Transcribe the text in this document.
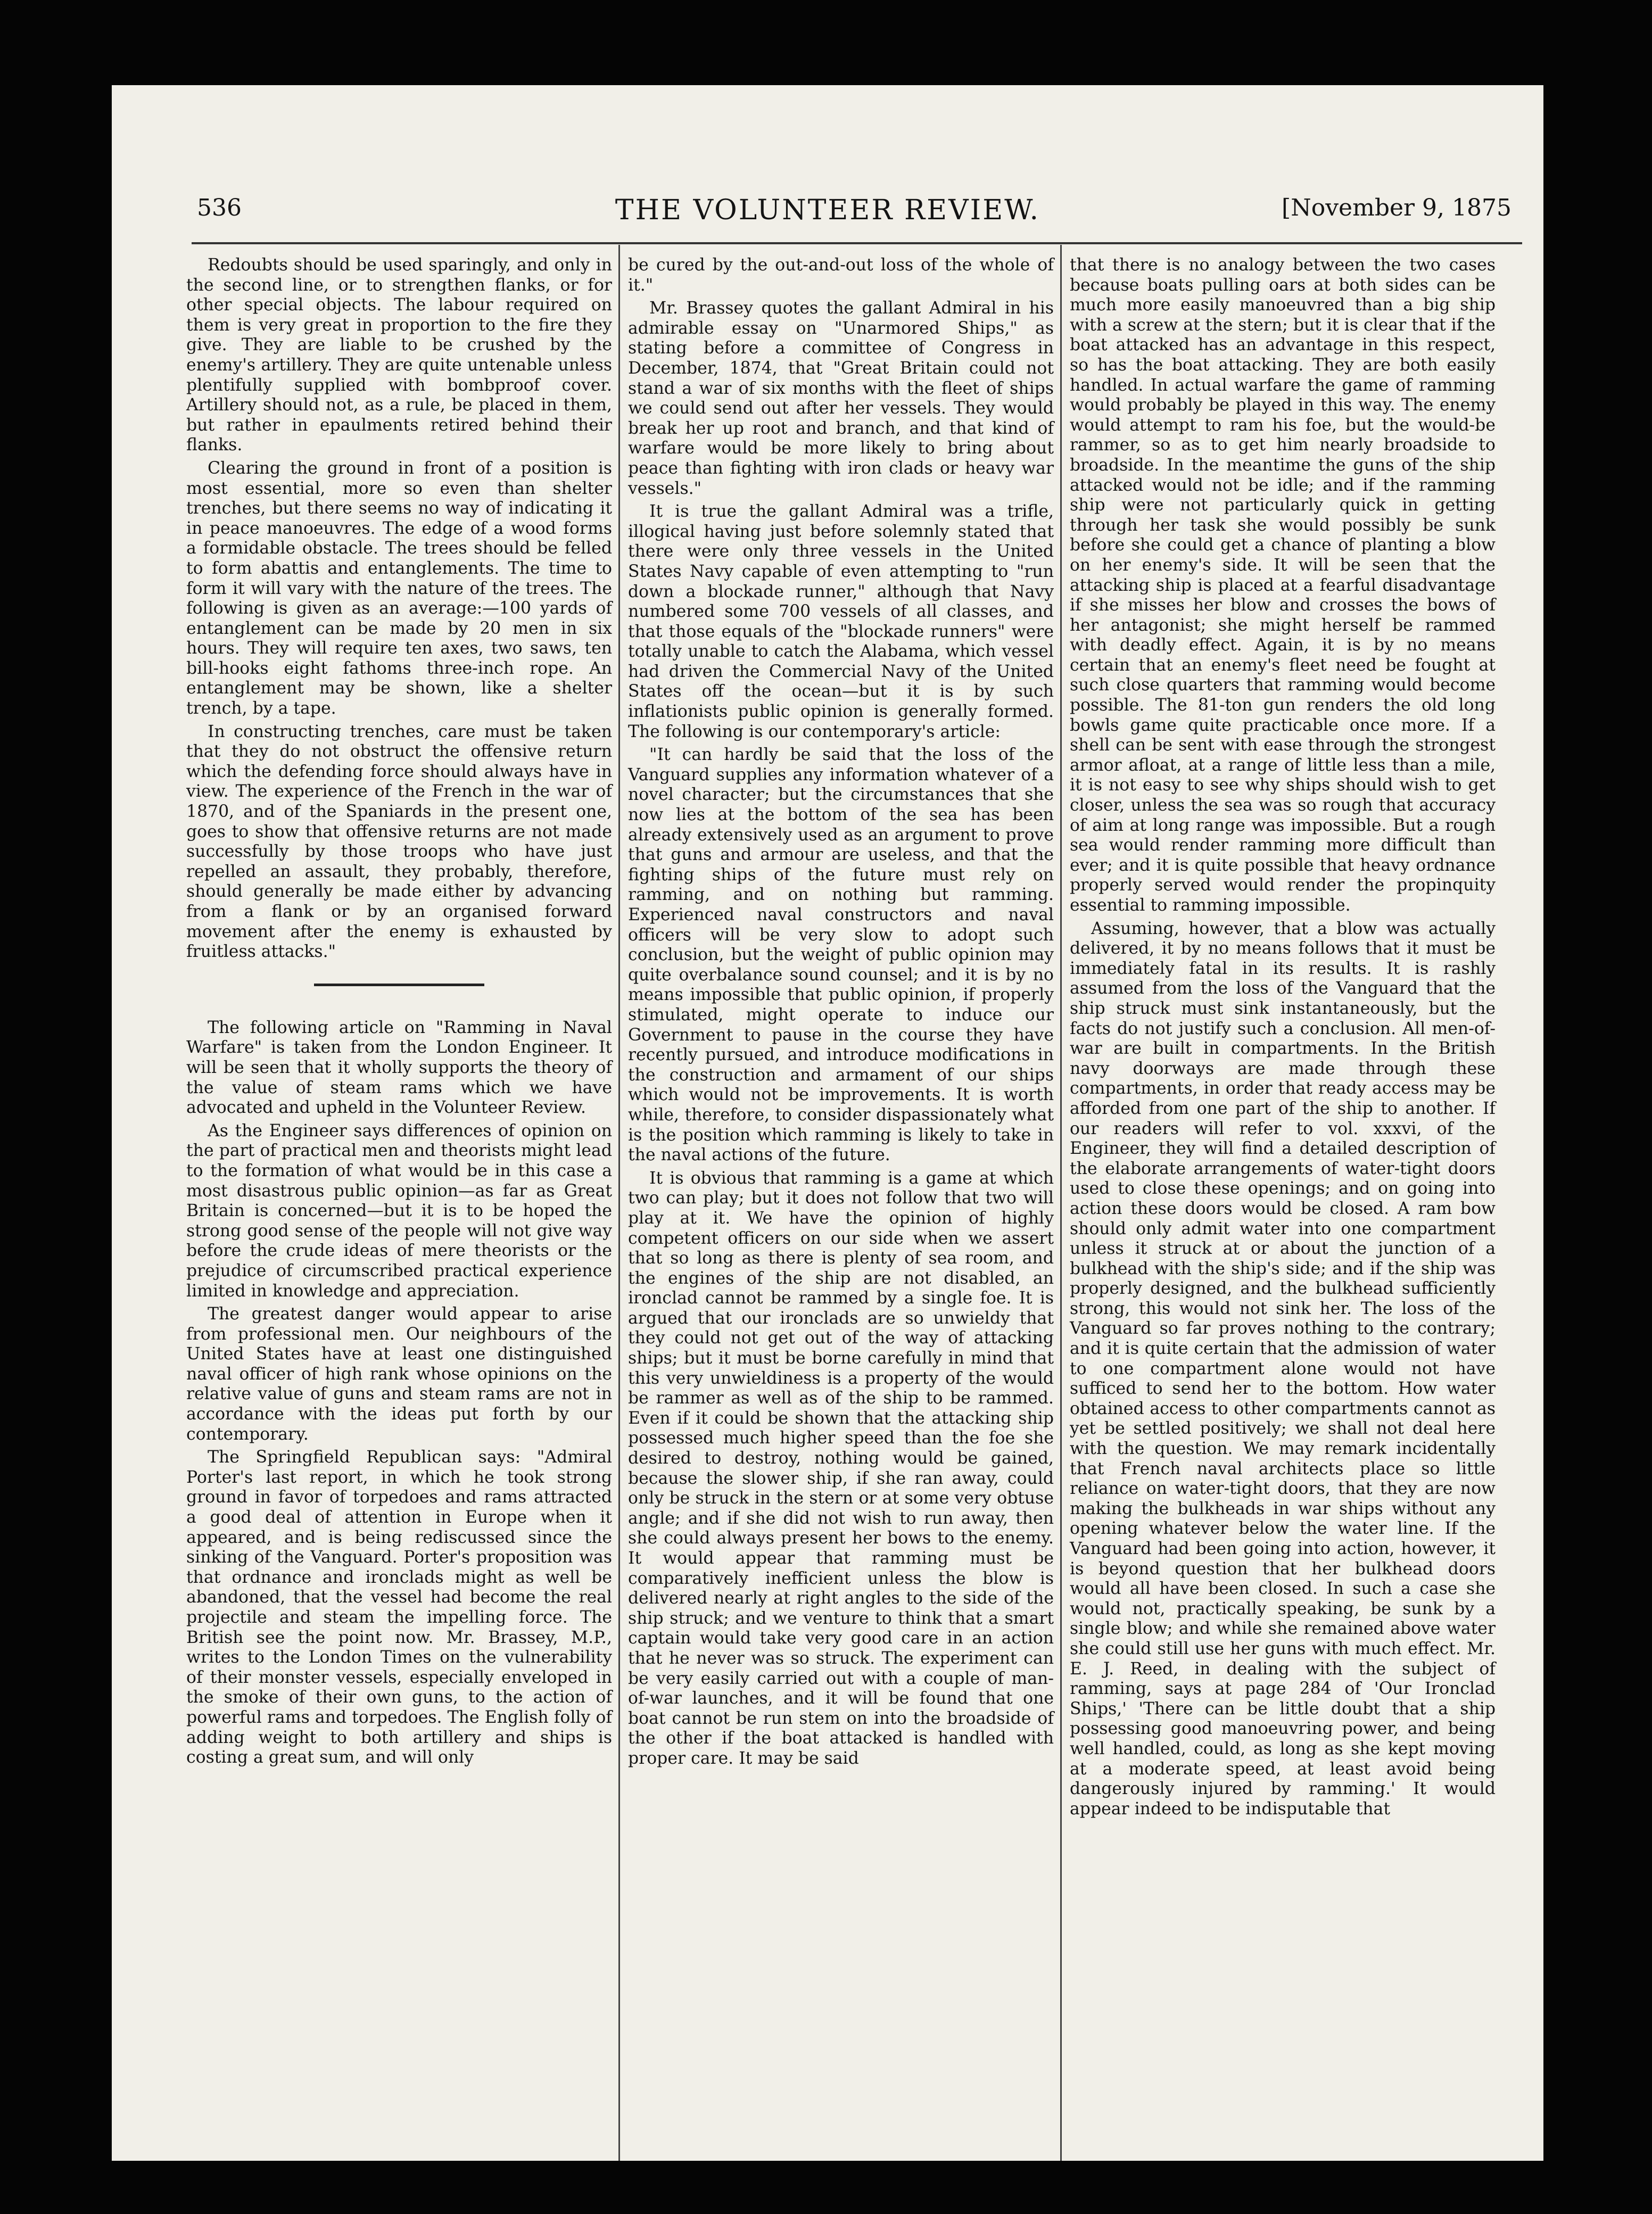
536	THE VOLUNTEER REVIEW.	[November 9, 1875

Redoubts should be used sparingly, and only in the second line, or to strengthen flanks, or for other special objects. The labour required on them is very great in proportion to the fire they give. They are liable to be crushed by the enemy's artillery. They are quite untenable unless plentifully supplied with bombproof cover. Artillery should not, as a rule, be placed in them, but rather in epaulments retired behind their flanks.

Clearing the ground in front of a position is most essential, more so even than shelter trenches, but there seems no way of indicating it in peace manoeuvres. The edge of a wood forms a formidable obstacle. The trees should be felled to form abattis and entanglements. The time to form it will vary with the nature of the trees. The following is given as an average:—100 yards of entanglement can be made by 20 men in six hours. They will require ten axes, two saws, ten bill-hooks eight fathoms three-inch rope. An entanglement may be shown, like a shelter trench, by a tape.

In constructing trenches, care must be taken that they do not obstruct the offensive return which the defending force should always have in view. The experience of the French in the war of 1870, and of the Spaniards in the present one, goes to show that offensive returns are not made successfully by those troops who have just repelled an assault, they probably, therefore, should generally be made either by advancing from a flank or by an organised forward movement after the enemy is exhausted by fruitless attacks."

The following article on "Ramming in Naval Warfare" is taken from the London Engineer. It will be seen that it wholly supports the theory of the value of steam rams which we have advocated and upheld in the Volunteer Review.

As the Engineer says differences of opinion on the part of practical men and theorists might lead to the formation of what would be in this case a most disastrous public opinion—as far as Great Britain is concerned—but it is to be hoped the strong good sense of the people will not give way before the crude ideas of mere theorists or the prejudice of circumscribed practical experience limited in knowledge and appreciation.

The greatest danger would appear to arise from professional men. Our neighbours of the United States have at least one distinguished naval officer of high rank whose opinions on the relative value of guns and steam rams are not in accordance with the ideas put forth by our contemporary.

The Springfield Republican says: "Admiral Porter's last report, in which he took strong ground in favor of torpedoes and rams attracted a good deal of attention in Europe when it appeared, and is being rediscussed since the sinking of the Vanguard. Porter's proposition was that ordnance and ironclads might as well be abandoned, that the vessel had become the real projectile and steam the impelling force. The British see the point now. Mr. Brassey, M.P., writes to the London Times on the vulnerability of their monster vessels, especially enveloped in the smoke of their own guns, to the action of powerful rams and torpedoes. The English folly of adding weight to both artillery and ships is costing a great sum, and will only

be cured by the out-and-out loss of the whole of it."

Mr. Brassey quotes the gallant Admiral in his admirable essay on "Unarmored Ships," as stating before a committee of Congress in December, 1874, that "Great Britain could not stand a war of six months with the fleet of ships we could send out after her vessels. They would break her up root and branch, and that kind of warfare would be more likely to bring about peace than fighting with iron clads or heavy war vessels."

It is true the gallant Admiral was a trifle, illogical having just before solemnly stated that there were only three vessels in the United States Navy capable of even attempting to "run down a blockade runner," although that Navy numbered some 700 vessels of all classes, and that those equals of the "blockade runners" were totally unable to catch the Alabama, which vessel had driven the Commercial Navy of the United States off the ocean—but it is by such inflationists public opinion is generally formed. The following is our contemporary's article:

"It can hardly be said that the loss of the Vanguard supplies any information whatever of a novel character; but the circumstances that she now lies at the bottom of the sea has been already extensively used as an argument to prove that guns and armour are useless, and that the fighting ships of the future must rely on ramming, and on nothing but ramming. Experienced naval constructors and naval officers will be very slow to adopt such conclusion, but the weight of public opinion may quite overbalance sound counsel; and it is by no means impossible that public opinion, if properly stimulated, might operate to induce our Government to pause in the course they have recently pursued, and introduce modifications in the construction and armament of our ships which would not be improvements. It is worth while, therefore, to consider dispassionately what is the position which ramming is likely to take in the naval actions of the future.

It is obvious that ramming is a game at which two can play; but it does not follow that two will play at it. We have the opinion of highly competent officers on our side when we assert that so long as there is plenty of sea room, and the engines of the ship are not disabled, an ironclad cannot be rammed by a single foe. It is argued that our ironclads are so unwieldy that they could not get out of the way of attacking ships; but it must be borne carefully in mind that this very unwieldiness is a property of the would be rammer as well as of the ship to be rammed. Even if it could be shown that the attacking ship possessed much higher speed than the foe she desired to destroy, nothing would be gained, because the slower ship, if she ran away, could only be struck in the stern or at some very obtuse angle; and if she did not wish to run away, then she could always present her bows to the enemy. It would appear that ramming must be comparatively inefficient unless the blow is delivered nearly at right angles to the side of the ship struck; and we venture to think that a smart captain would take very good care in an action that he never was so struck. The experiment can be very easily carried out with a couple of man-of-war launches, and it will be found that one boat cannot be run stem on into the broadside of the other if the boat attacked is handled with proper care. It may be said

that there is no analogy between the two cases because boats pulling oars at both sides can be much more easily manoeuvred than a big ship with a screw at the stern; but it is clear that if the boat attacked has an advantage in this respect, so has the boat attacking. They are both easily handled. In actual warfare the game of ramming would probably be played in this way. The enemy would attempt to ram his foe, but the would-be rammer, so as to get him nearly broadside to broadside. In the meantime the guns of the ship attacked would not be idle; and if the ramming ship were not particularly quick in getting through her task she would possibly be sunk before she could get a chance of planting a blow on her enemy's side. It will be seen that the attacking ship is placed at a fearful disadvantage if she misses her blow and crosses the bows of her antagonist; she might herself be rammed with deadly effect. Again, it is by no means certain that an enemy's fleet need be fought at such close quarters that ramming would become possible. The 81-ton gun renders the old long bowls game quite practicable once more. If a shell can be sent with ease through the strongest armor afloat, at a range of little less than a mile, it is not easy to see why ships should wish to get closer, unless the sea was so rough that accuracy of aim at long range was impossible. But a rough sea would render ramming more difficult than ever; and it is quite possible that heavy ordnance properly served would render the propinquity essential to ramming impossible.

Assuming, however, that a blow was actually delivered, it by no means follows that it must be immediately fatal in its results. It is rashly assumed from the loss of the Vanguard that the ship struck must sink instantaneously, but the facts do not justify such a conclusion. All men-of-war are built in compartments. In the British navy doorways are made through these compartments, in order that ready access may be afforded from one part of the ship to another. If our readers will refer to vol. xxxvi, of the Engineer, they will find a detailed description of the elaborate arrangements of water-tight doors used to close these openings; and on going into action these doors would be closed. A ram bow should only admit water into one compartment unless it struck at or about the junction of a bulkhead with the ship's side; and if the ship was properly designed, and the bulkhead sufficiently strong, this would not sink her. The loss of the Vanguard so far proves nothing to the contrary; and it is quite certain that the admission of water to one compartment alone would not have sufficed to send her to the bottom. How water obtained access to other compartments cannot as yet be settled positively; we shall not deal here with the question. We may remark incidentally that French naval architects place so little reliance on water-tight doors, that they are now making the bulkheads in war ships without any opening whatever below the water line. If the Vanguard had been going into action, however, it is beyond question that her bulkhead doors would all have been closed. In such a case she would not, practically speaking, be sunk by a single blow; and while she remained above water she could still use her guns with much effect. Mr. E. J. Reed, in dealing with the subject of ramming, says at page 284 of 'Our Ironclad Ships,' 'There can be little doubt that a ship possessing good manoeuvring power, and being well handled, could, as long as she kept moving at a moderate speed, at least avoid being dangerously injured by ramming.' It would appear indeed to be indisputable that
